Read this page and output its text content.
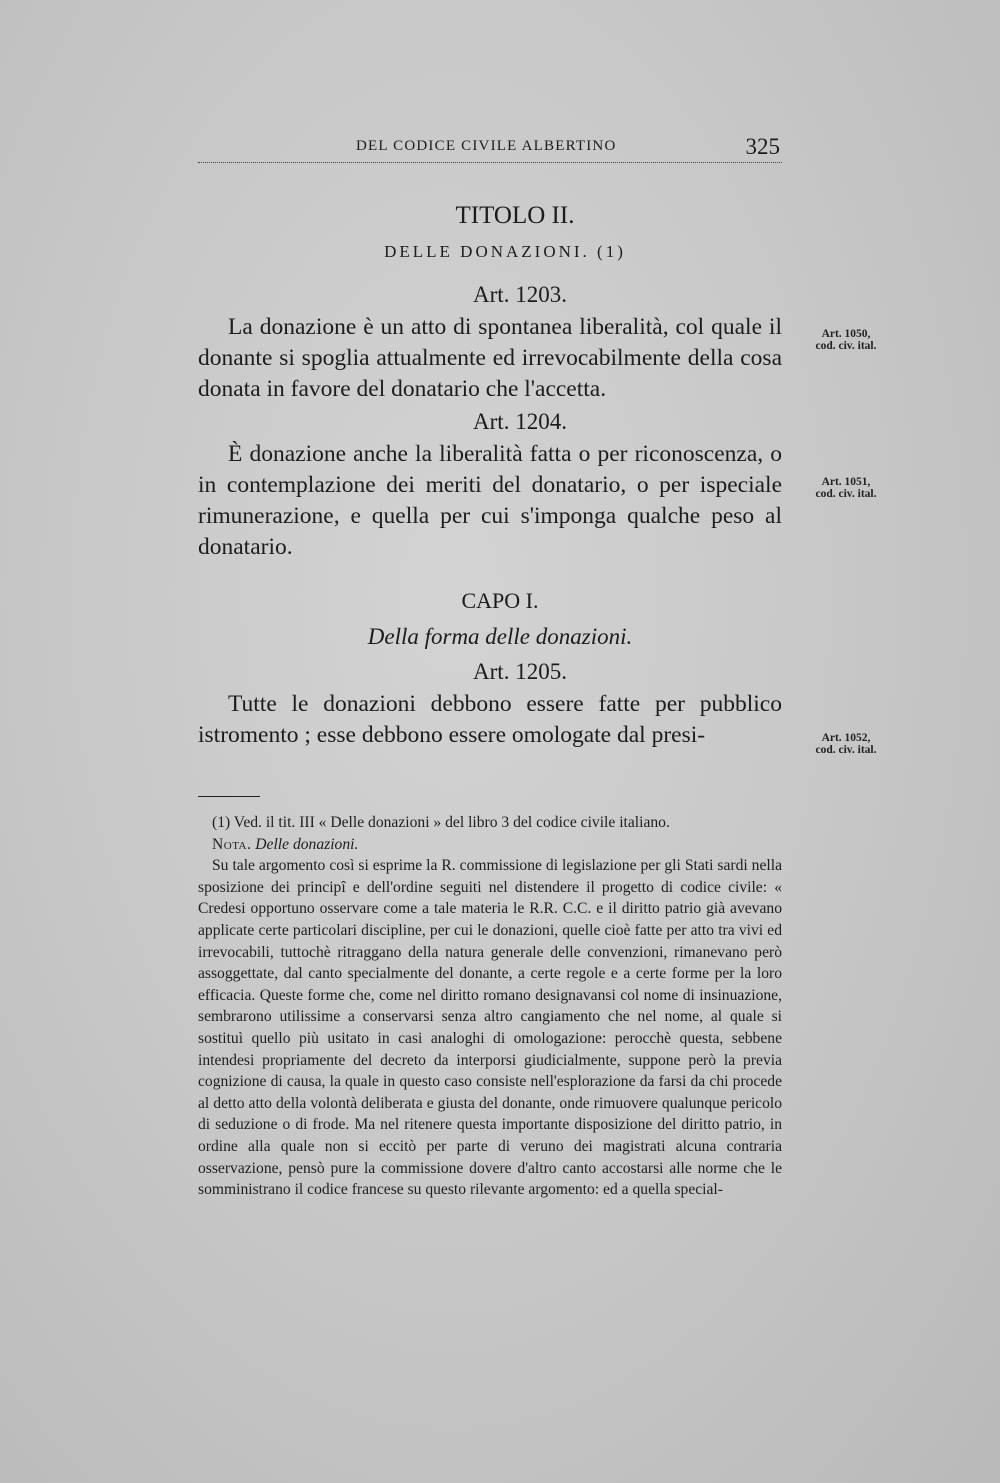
DEL CODICE CIVILE ALBERTINO	325

TITOLO II.

DELLE DONAZIONI. (1)

Art. 1203.

La donazione è un atto di spontanea liberalità, col quale il donante si spoglia attualmente ed irrevocabilmente della cosa donata in favore del donatario che l'accetta.

Art. 1204.

È donazione anche la liberalità fatta o per riconoscenza, o in contemplazione dei meriti del donatario, o per ispeciale rimunerazione, e quella per cui s'imponga qualche peso al donatario.

CAPO I.

Della forma delle donazioni.

Art. 1205.

Tutte le donazioni debbono essere fatte per pubblico istromento ; esse debbono essere omologate dal presi-

Art. 1050,
cod. civ. ital.
Art. 1051,
cod. civ. ital.
Art. 1052,
cod. civ. ital.

(1) Ved. il tit. III « Delle donazioni » del libro 3 del codice civile italiano.

Nota. Delle donazioni.

Su tale argomento così si esprime la R. commissione di legislazione per gli Stati sardi nella sposizione dei principî e dell'ordine seguiti nel distendere il progetto di codice civile: « Credesi opportuno osservare come a tale materia le R.R. C.C. e il diritto patrio già avevano applicate certe particolari discipline, per cui le donazioni, quelle cioè fatte per atto tra vivi ed irrevocabili, tuttochè ritraggano della natura generale delle convenzioni, rimanevano però assoggettate, dal canto specialmente del donante, a certe regole e a certe forme per la loro efficacia. Queste forme che, come nel diritto romano designavansi col nome di insinuazione, sembrarono utilissime a conservarsi senza altro cangiamento che nel nome, al quale si sostituì quello più usitato in casi analoghi di omologazione: perocchè questa, sebbene intendesi propriamente del decreto da interporsi giudicialmente, suppone però la previa cognizione di causa, la quale in questo caso consiste nell'esplorazione da farsi da chi procede al detto atto della volontà deliberata e giusta del donante, onde rimuovere qualunque pericolo di seduzione o di frode. Ma nel ritenere questa importante disposizione del diritto patrio, in ordine alla quale non si eccitò per parte di veruno dei magistrati alcuna contraria osservazione, pensò pure la commissione dovere d'altro canto accostarsi alle norme che le somministrano il codice francese su questo rilevante argomento: ed a quella special-
